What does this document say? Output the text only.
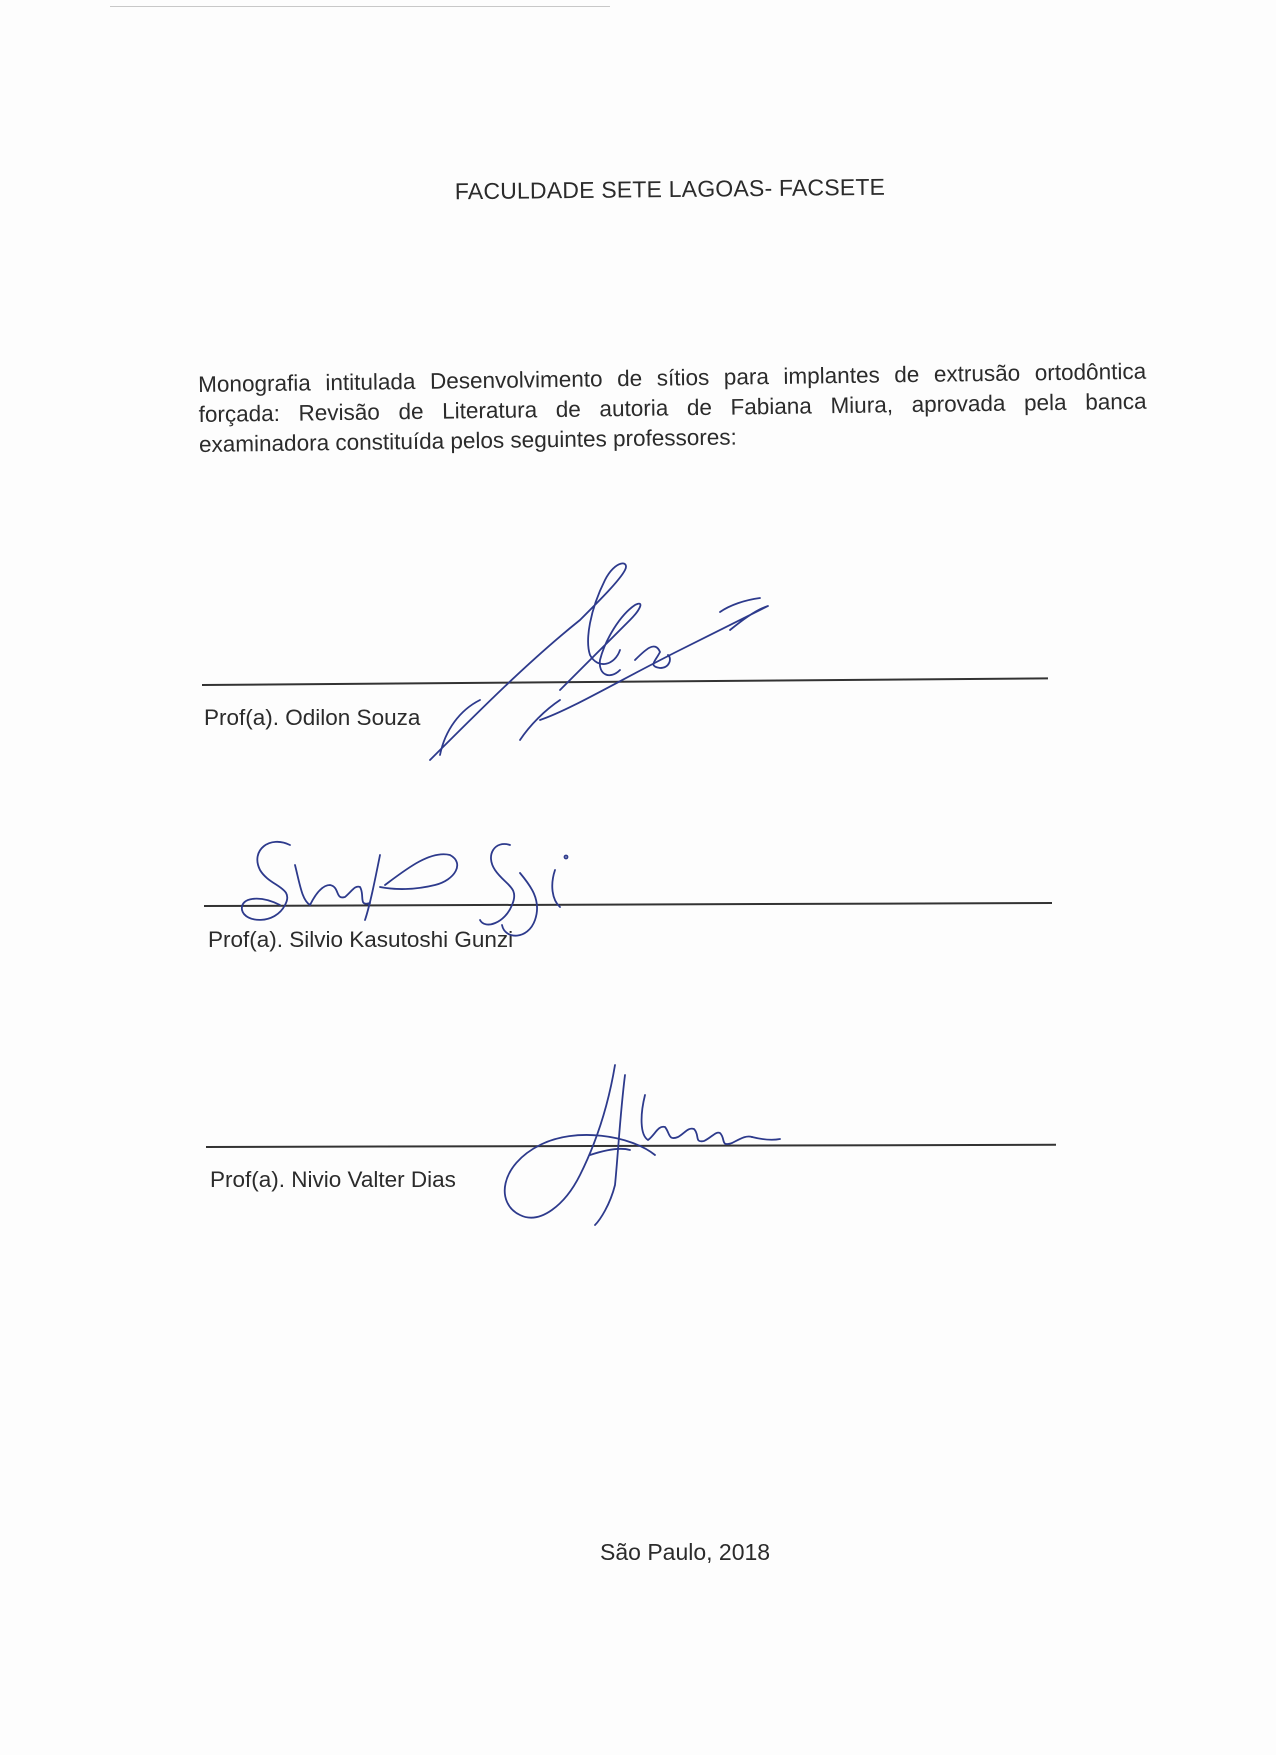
FACULDADE SETE LAGOAS- FACSETE
Monografia intitulada Desenvolvimento de sítios para implantes de extrusão ortodôntica forçada: Revisão de Literatura de autoria de Fabiana Miura, aprovada pela banca examinadora constituída pelos seguintes professores:
Prof(a). Odilon Souza
Prof(a). Silvio Kasutoshi Gunzi
Prof(a). Nivio Valter Dias
São Paulo, 2018
